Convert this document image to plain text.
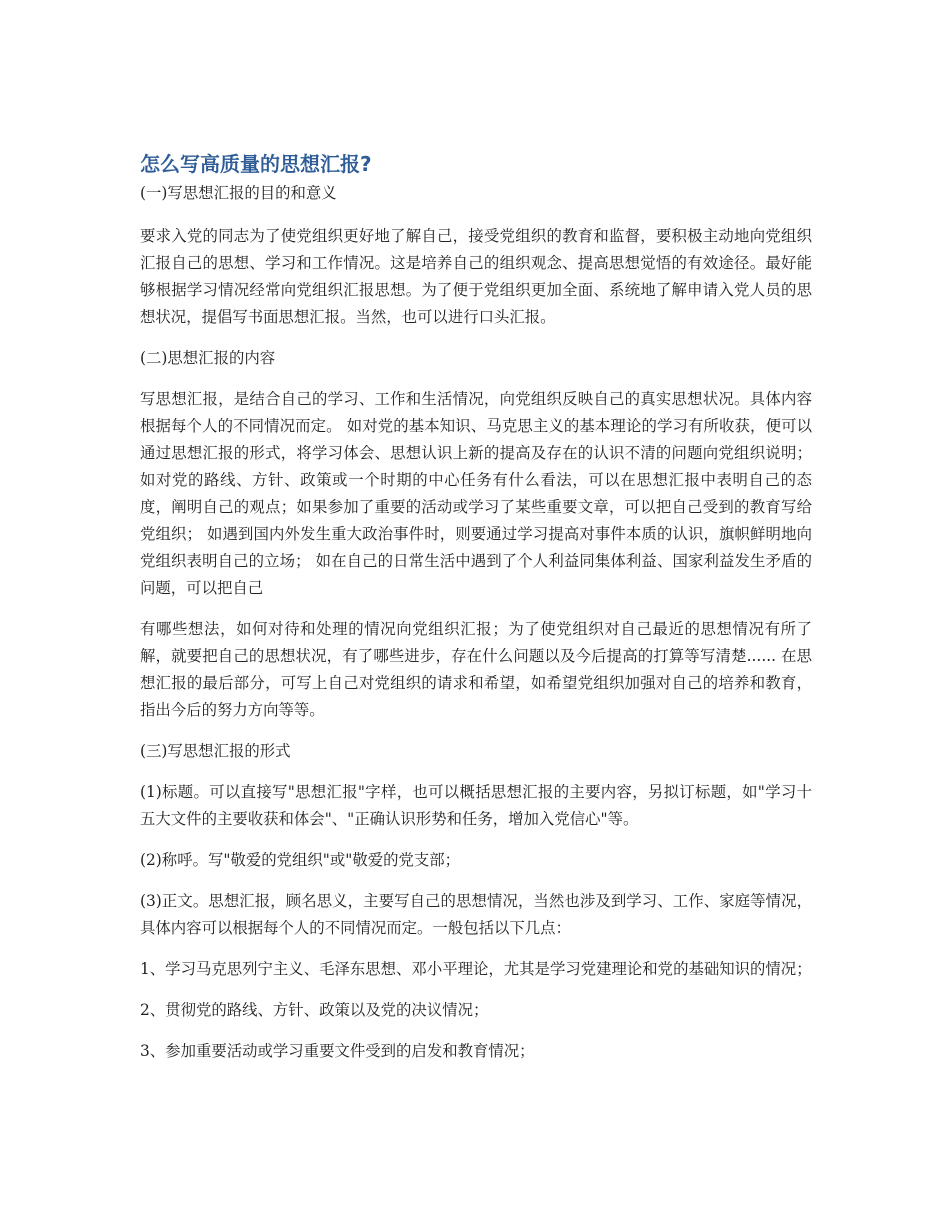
怎么写高质量的思想汇报?

(一)写思想汇报的目的和意义

要求入党的同志为了使党组织更好地了解自己，接受党组织的教育和监督，要积极主动地向党组织汇报自己的思想、学习和工作情况。这是培养自己的组织观念、提高思想觉悟的有效途径。最好能够根据学习情况经常向党组织汇报思想。为了便于党组织更加全面、系统地了解申请入党人员的思想状况，提倡写书面思想汇报。当然，也可以进行口头汇报。

(二)思想汇报的内容

写思想汇报，是结合自己的学习、工作和生活情况，向党组织反映自己的真实思想状况。具体内容根据每个人的不同情况而定。 如对党的基本知识、马克思主义的基本理论的学习有所收获，便可以通过思想汇报的形式，将学习体会、思想认识上新的提高及存在的认识不清的问题向党组织说明； 如对党的路线、方针、政策或一个时期的中心任务有什么看法，可以在思想汇报中表明自己的态度，阐明自己的观点；如果参加了重要的活动或学习了某些重要文章，可以把自己受到的教育写给党组织； 如遇到国内外发生重大政治事件时，则要通过学习提高对事件本质的认识，旗帜鲜明地向党组织表明自己的立场； 如在自己的日常生活中遇到了个人利益同集体利益、国家利益发生矛盾的问题，可以把自己

有哪些想法，如何对待和处理的情况向党组织汇报；为了使党组织对自己最近的思想情况有所了解，就要把自己的思想状况，有了哪些进步，存在什么问题以及今后提高的打算等写清楚...... 在思想汇报的最后部分，可写上自己对党组织的请求和希望，如希望党组织加强对自己的培养和教育，指出今后的努力方向等等。

(三)写思想汇报的形式

(1)标题。可以直接写"思想汇报"字样，也可以概括思想汇报的主要内容，另拟订标题，如"学习十五大文件的主要收获和体会"、"正确认识形势和任务，增加入党信心"等。

(2)称呼。写"敬爱的党组织"或"敬爱的党支部；

(3)正文。思想汇报，顾名思义，主要写自己的思想情况，当然也涉及到学习、工作、家庭等情况，具体内容可以根据每个人的不同情况而定。一般包括以下几点：

1、学习马克思列宁主义、毛泽东思想、邓小平理论，尤其是学习党建理论和党的基础知识的情况；

2、贯彻党的路线、方针、政策以及党的决议情况；

3、参加重要活动或学习重要文件受到的启发和教育情况；
